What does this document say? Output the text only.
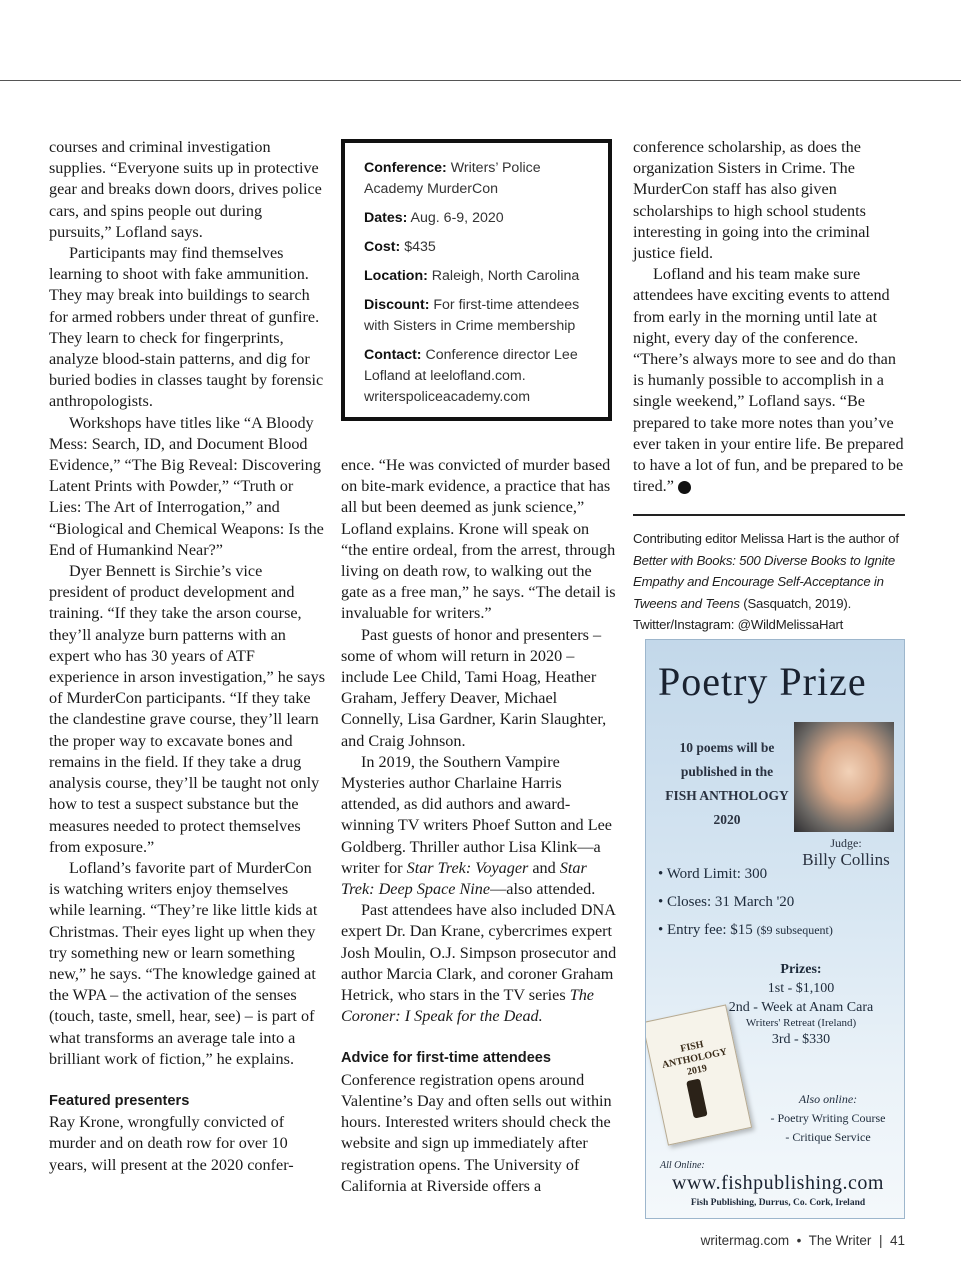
courses and criminal investigation supplies. “Everyone suits up in protective gear and breaks down doors, drives police cars, and spins people out during pursuits,” Lofland says.

Participants may find themselves learning to shoot with fake ammunition. They may break into buildings to search for armed robbers under threat of gunfire. They learn to check for fingerprints, analyze blood-stain patterns, and dig for buried bodies in classes taught by forensic anthropologists.

Workshops have titles like “A Bloody Mess: Search, ID, and Document Blood Evidence,” “The Big Reveal: Discovering Latent Prints with Powder,” “Truth or Lies: The Art of Interrogation,” and “Biological and Chemical Weapons: Is the End of Humankind Near?”

Dyer Bennett is Sirchie’s vice president of product development and training. “If they take the arson course, they’ll analyze burn patterns with an expert who has 30 years of ATF experience in arson investigation,” he says of MurderCon participants. “If they take the clandestine grave course, they’ll learn the proper way to excavate bones and remains in the field. If they take a drug analysis course, they’ll be taught not only how to test a suspect substance but the measures needed to protect themselves from exposure.”

Lofland’s favorite part of MurderCon is watching writers enjoy themselves while learning. “They’re like little kids at Christmas. Their eyes light up when they try something new or learn something new,” he says. “The knowledge gained at the WPA – the activation of the senses (touch, taste, smell, hear, see) – is part of what transforms an average tale into a brilliant work of fiction,” he explains.

Featured presenters

Ray Krone, wrongfully convicted of murder and on death row for over 10 years, will present at the 2020 confer-

Conference: Writers’ Police Academy MurderCon
Dates: Aug. 6-9, 2020
Cost: $435
Location: Raleigh, North Carolina
Discount: For first-time attendees with Sisters in Crime membership
Contact: Conference director Lee Lofland at leelofland.com. writerspoliceacademy.com

ence. “He was convicted of murder based on bite-mark evidence, a practice that has all but been deemed as junk science,” Lofland explains. Krone will speak on “the entire ordeal, from the arrest, through living on death row, to walking out the gate as a free man,” he says. “The detail is invaluable for writers.”

Past guests of honor and presenters – some of whom will return in 2020 – include Lee Child, Tami Hoag, Heather Graham, Jeffery Deaver, Michael Connelly, Lisa Gardner, Karin Slaughter, and Craig Johnson.

In 2019, the Southern Vampire Mysteries author Charlaine Harris attended, as did authors and award-winning TV writers Phoef Sutton and Lee Goldberg. Thriller author Lisa Klink—a writer for Star Trek: Voyager and Star Trek: Deep Space Nine—also attended.

Past attendees have also included DNA expert Dr. Dan Krane, cybercrimes expert Josh Moulin, O.J. Simpson prosecutor and author Marcia Clark, and coroner Graham Hetrick, who stars in the TV series The Coroner: I Speak for the Dead.

Advice for first-time attendees

Conference registration opens around Valentine’s Day and often sells out within hours. Interested writers should check the website and sign up immediately after registration opens. The University of California at Riverside offers a

conference scholarship, as does the organization Sisters in Crime. The MurderCon staff has also given scholarships to high school students interesting in going into the criminal justice field.

Lofland and his team make sure attendees have exciting events to attend from early in the morning until late at night, every day of the conference. “There’s always more to see and do than is humanly possible to accomplish in a single weekend,” Lofland says. “Be prepared to take more notes than you’ve ever taken in your entire life. Be prepared to have a lot of fun, and be prepared to be tired.”	W

Contributing editor Melissa Hart is the author of Better with Books: 500 Diverse Books to Ignite Empathy and Encourage Self-Acceptance in Tweens and Teens (Sasquatch, 2019). Twitter/Instagram: @WildMelissaHart

Poetry Prize
10 poems will be
published in the
FISH ANTHOLOGY
2020
Judge:
Billy Collins
• Word Limit: 300
• Closes: 31 March '20
• Entry fee: $15 ($9 subsequent)
Prizes:
1st - $1,100
2nd - Week at Anam Cara
Writers' Retreat (Ireland)
3rd - $330
FISH ANTHOLOGY 2019
Also online:
- Poetry Writing Course
- Critique Service
All Online:
www.fishpublishing.com
Fish Publishing, Durrus, Co. Cork, Ireland
writermag.com • The Writer | 41
